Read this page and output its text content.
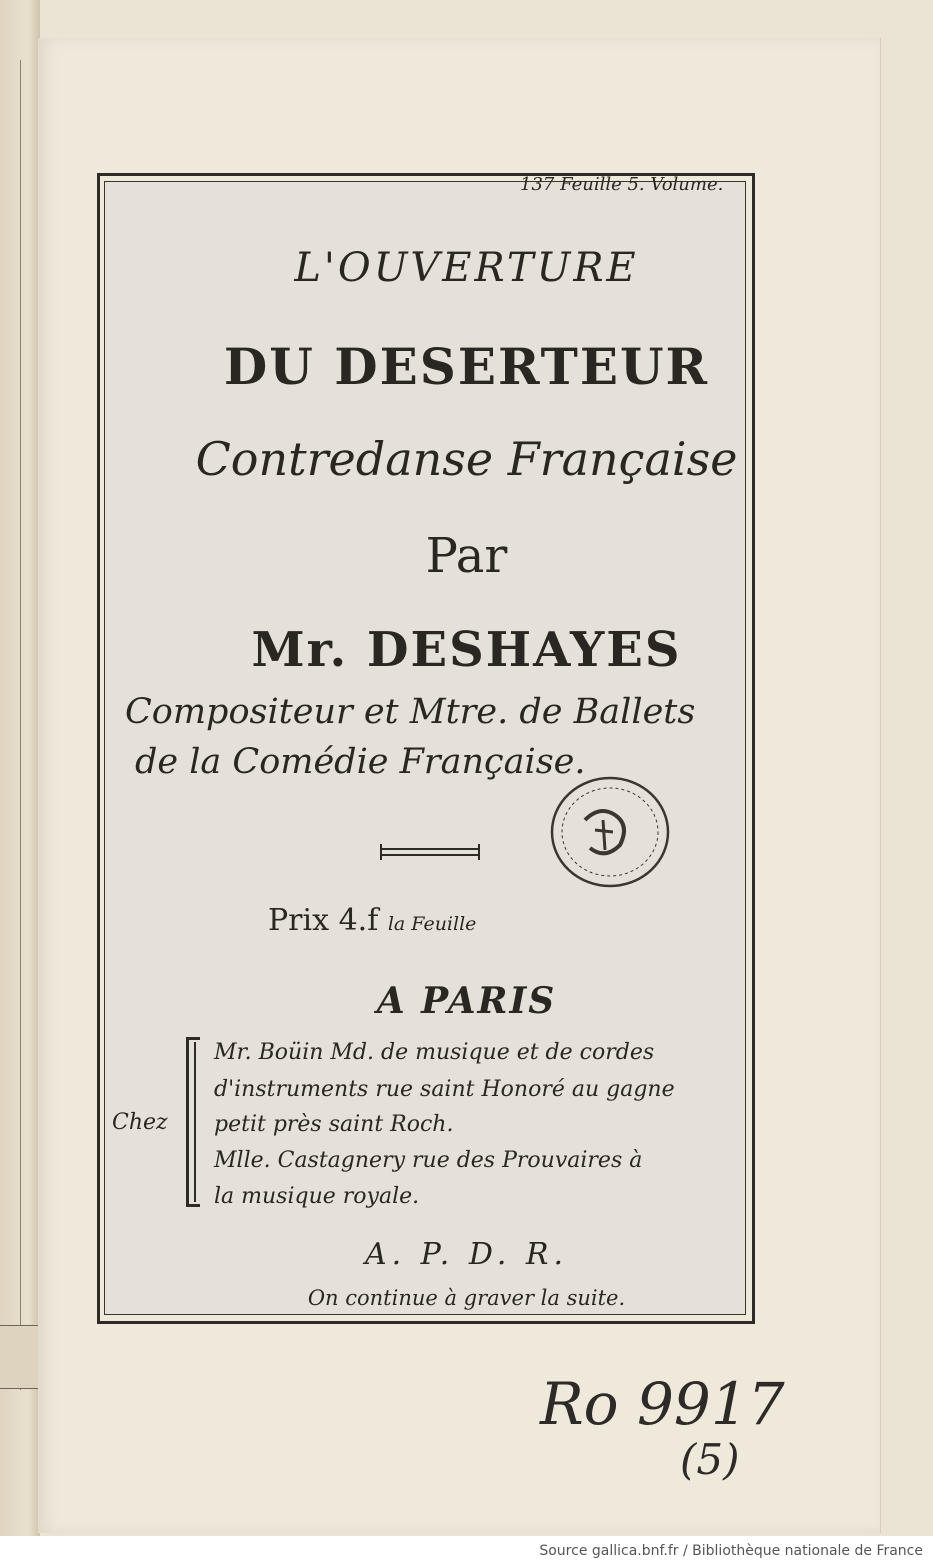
137 Feuille 5. Volume.
L'OUVERTURE
DU DESERTEUR
Contredanse Française
Par
Mr. DESHAYES
Compositeur et Mtre. de Ballets
de la Comédie Française.
Prix 4.f la Feuille
A PARIS
Chez
Mr. Boüin Md. de musique et de cordes
d'instruments rue saint Honoré au gagne
petit près saint Roch.
Mlle. Castagnery rue des Prouvaires à
la musique royale.
A. P. D. R.
On continue à graver la suite.
Ro 9917
(5)
Source gallica.bnf.fr / Bibliothèque nationale de France
